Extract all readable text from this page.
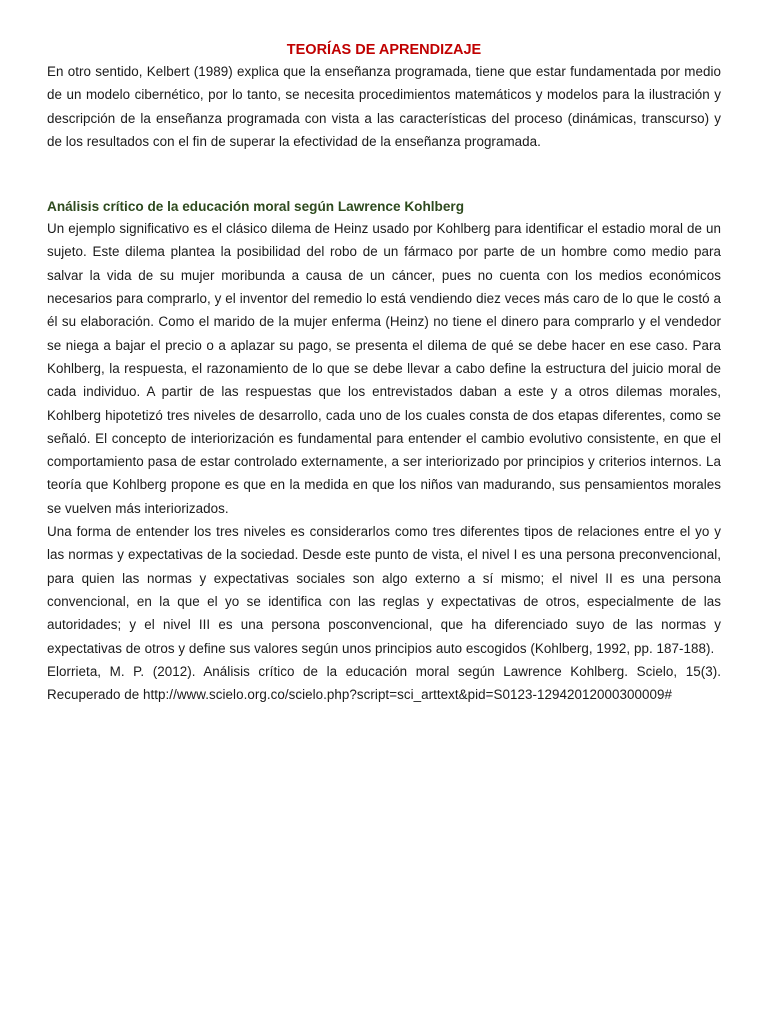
TEORÍAS DE APRENDIZAJE

En otro sentido, Kelbert (1989) explica que la enseñanza programada, tiene que estar fundamentada por medio de un modelo cibernético, por lo tanto, se necesita procedimientos matemáticos y modelos para la ilustración y descripción de la enseñanza programada con vista a las características del proceso (dinámicas, transcurso) y de los resultados con el fin de superar la efectividad de la enseñanza programada.

Análisis crítico de la educación moral según Lawrence Kohlberg

Un ejemplo significativo es el clásico dilema de Heinz usado por Kohlberg para identificar el estadio moral de un sujeto. Este dilema plantea la posibilidad del robo de un fármaco por parte de un hombre como medio para salvar la vida de su mujer moribunda a causa de un cáncer, pues no cuenta con los medios económicos necesarios para comprarlo, y el inventor del remedio lo está vendiendo diez veces más caro de lo que le costó a él su elaboración. Como el marido de la mujer enferma (Heinz) no tiene el dinero para comprarlo y el vendedor se niega a bajar el precio o a aplazar su pago, se presenta el dilema de qué se debe hacer en ese caso. Para Kohlberg, la respuesta, el razonamiento de lo que se debe llevar a cabo define la estructura del juicio moral de cada individuo. A partir de las respuestas que los entrevistados daban a este y a otros dilemas morales, Kohlberg hipotetizó tres niveles de desarrollo, cada uno de los cuales consta de dos etapas diferentes, como se señaló. El concepto de interiorización es fundamental para entender el cambio evolutivo consistente, en que el comportamiento pasa de estar controlado externamente, a ser interiorizado por principios y criterios internos. La teoría que Kohlberg propone es que en la medida en que los niños van madurando, sus pensamientos morales se vuelven más interiorizados.

Una forma de entender los tres niveles es considerarlos como tres diferentes tipos de relaciones entre el yo y las normas y expectativas de la sociedad. Desde este punto de vista, el nivel I es una persona preconvencional, para quien las normas y expectativas sociales son algo externo a sí mismo; el nivel II es una persona convencional, en la que el yo se identifica con las reglas y expectativas de otros, especialmente de las autoridades; y el nivel III es una persona posconvencional, que ha diferenciado suyo de las normas y expectativas de otros y define sus valores según unos principios auto escogidos (Kohlberg, 1992, pp. 187-188).

Elorrieta, M. P. (2012). Análisis crítico de la educación moral según Lawrence Kohlberg. Scielo, 15(3). Recuperado de http://www.scielo.org.co/scielo.php?script=sci_arttext&pid=S0123-12942012000300009#
